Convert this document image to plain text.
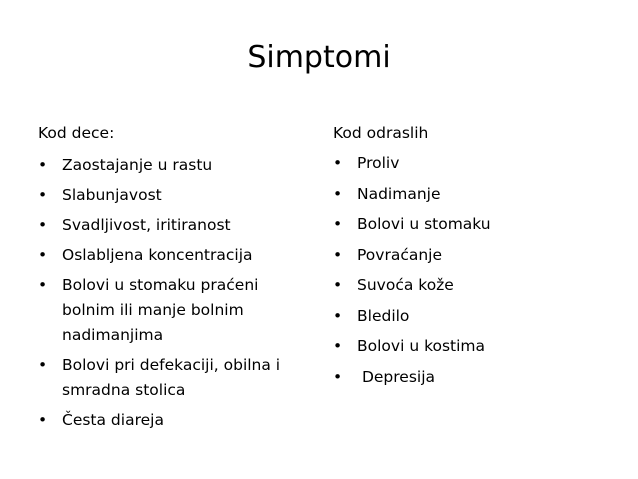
Simptomi
Kod dece:
•
Zaostajanje u rastu
•
Slabunjavost
•
Svadljivost, iritiranost
•
Oslabljena koncentracija
•
Bolovi u stomaku praćeni bolnim ili manje bolnim nadimanjima
•
Bolovi pri defekaciji, obilna i smradna stolica
•
Česta diareja
Kod odraslih
•
Proliv
•
Nadimanje
•
Bolovi u stomaku
•
Povraćanje
•
Suvoća kože
•
Bledilo
•
Bolovi u kostima
•
Depresija
